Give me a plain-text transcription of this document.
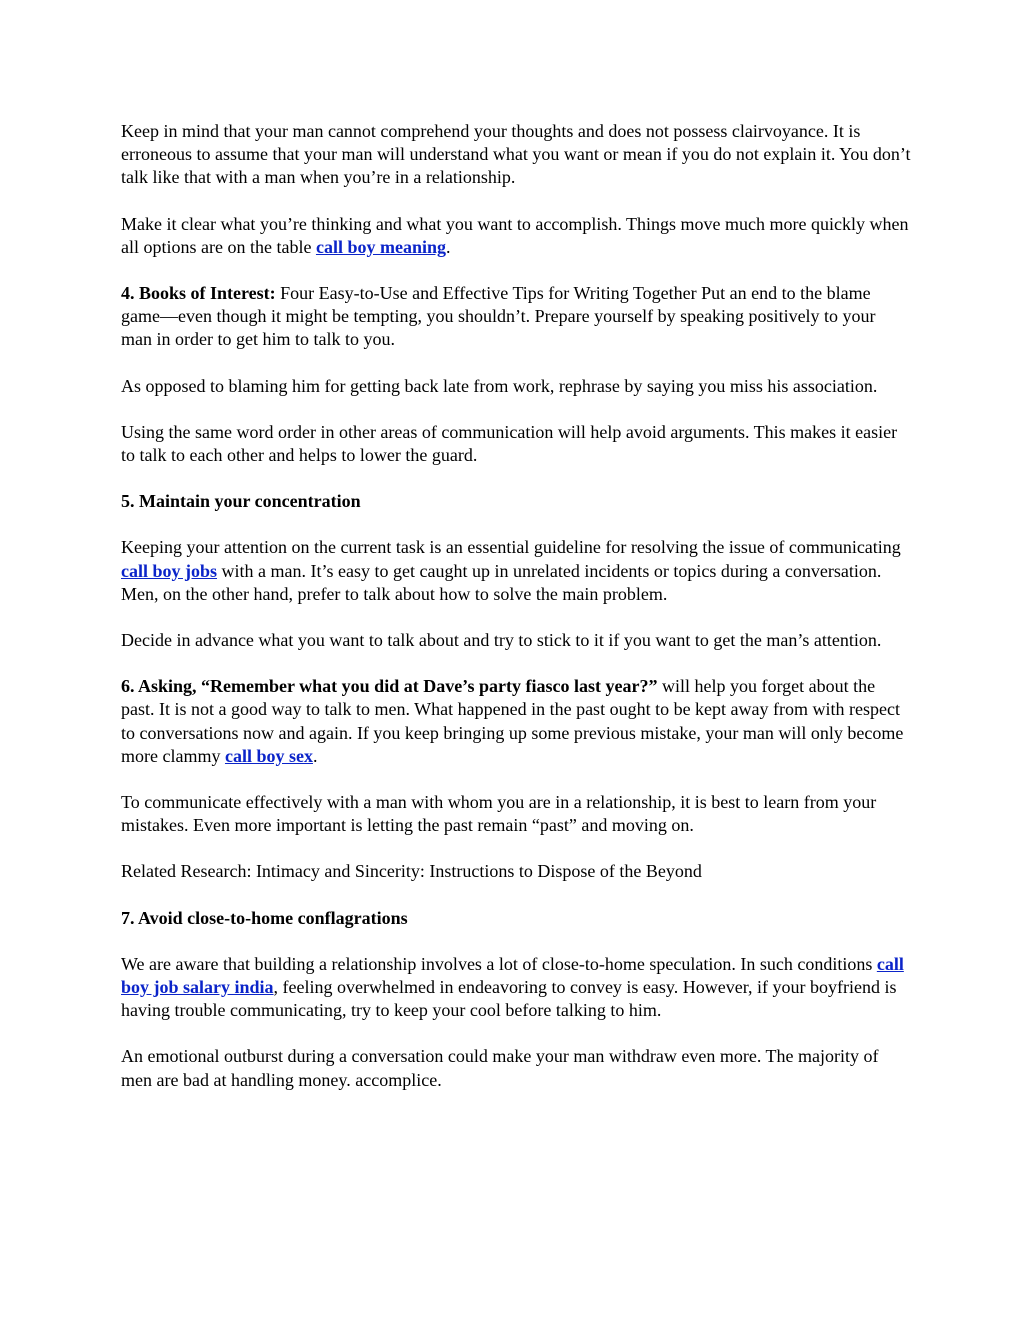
Keep in mind that your man cannot comprehend your thoughts and does not possess clairvoyance. It is erroneous to assume that your man will understand what you want or mean if you do not explain it. You don’t talk like that with a man when you’re in a relationship.

Make it clear what you’re thinking and what you want to accomplish. Things move much more quickly when all options are on the table call boy meaning.

4. Books of Interest: Four Easy-to-Use and Effective Tips for Writing Together Put an end to the blame game—even though it might be tempting, you shouldn’t. Prepare yourself by speaking positively to your man in order to get him to talk to you.

As opposed to blaming him for getting back late from work, rephrase by saying you miss his association.

Using the same word order in other areas of communication will help avoid arguments. This makes it easier to talk to each other and helps to lower the guard.

5. Maintain your concentration

Keeping your attention on the current task is an essential guideline for resolving the issue of communicating call boy jobs with a man. It’s easy to get caught up in unrelated incidents or topics during a conversation. Men, on the other hand, prefer to talk about how to solve the main problem.

Decide in advance what you want to talk about and try to stick to it if you want to get the man’s attention.

6. Asking, “Remember what you did at Dave’s party fiasco last year?” will help you forget about the past. It is not a good way to talk to men. What happened in the past ought to be kept away from with respect to conversations now and again. If you keep bringing up some previous mistake, your man will only become more clammy call boy sex.

To communicate effectively with a man with whom you are in a relationship, it is best to learn from your mistakes. Even more important is letting the past remain “past” and moving on.

Related Research: Intimacy and Sincerity: Instructions to Dispose of the Beyond

7. Avoid close-to-home conflagrations

We are aware that building a relationship involves a lot of close-to-home speculation. In such conditions call boy job salary india, feeling overwhelmed in endeavoring to convey is easy. However, if your boyfriend is having trouble communicating, try to keep your cool before talking to him.

An emotional outburst during a conversation could make your man withdraw even more. The majority of men are bad at handling money. accomplice.
